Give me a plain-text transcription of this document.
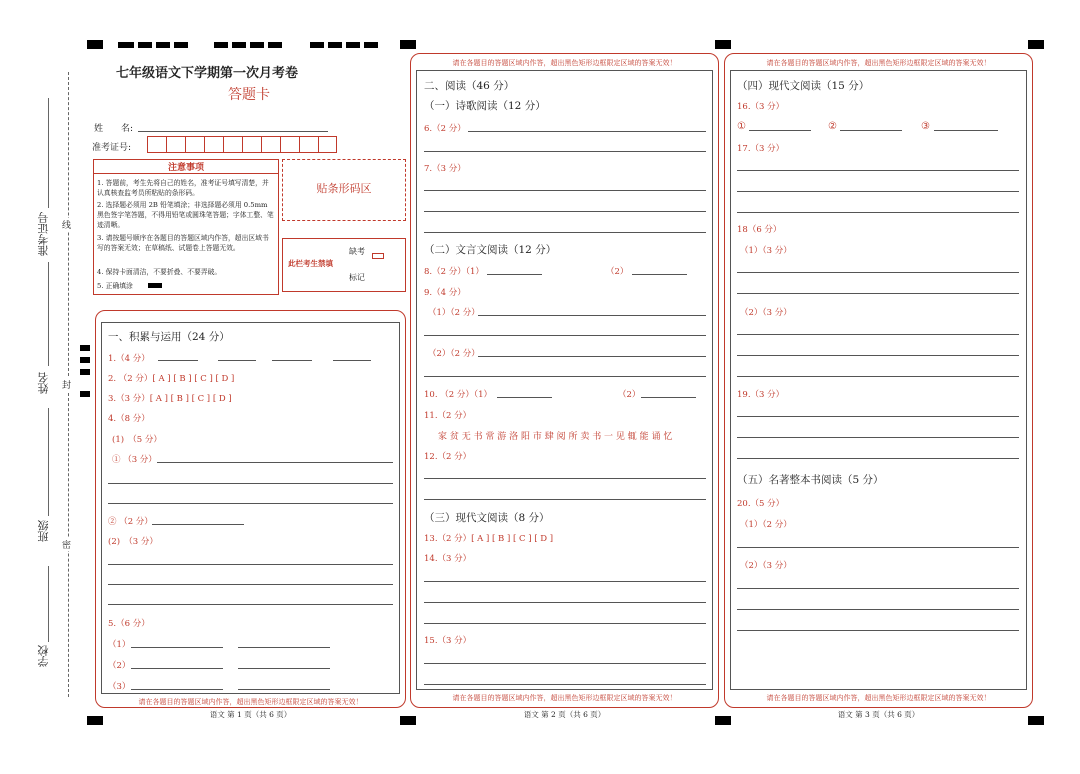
准考证号 线
姓名 封
班级
密
学校
七年级语文下学期第一次月考卷
答题卡
姓　　名:
准考证号:
注意事项
1. 答题前，考生先将自己的姓名，准考证号填写清楚，并认真核查监考员所粘贴的条形码。
2. 选择题必须用 2B 铅笔填涂；非选择题必须用 0.5mm 黑色签字笔答题，不得用铅笔或圆珠笔答题；字体工整、笔迹清晰。
3. 请按题号顺序在各题目的答题区域内作答，超出区域书写的答案无效；在草稿纸、试题卷上答题无效。
4. 保持卡面清洁，不要折叠、不要弄破。
5. 正确填涂
贴条形码区
此栏考生禁填
缺考
标记
一、积累与运用（24 分）
1.（4 分）
2. （2 分）[ A ] [ B ] [ C ] [ D ]
3.（3 分）[ A ] [ B ] [ C ] [ D ]
4.（8 分）
(1)　（5 分）
① （3 分）
② （2 分）
(2)　（3 分）
5.（6 分）
（1）
（2）
（3）
请在各题目的答题区域内作答，超出黑色矩形边框限定区域的答案无效！
语文 第 1 页（共 6 页）
请在各题目的答题区域内作答，超出黑色矩形边框限定区域的答案无效！
二、阅读（46 分）
（一）诗歌阅读（12 分）
6.（2 分）
7.（3 分）
（二）文言文阅读（12 分）
8.（2 分）（1）	（2）
9.（4 分）
（1）（2 分）
（2）（2 分）
10. （2 分）（1）	（2）
11.（2 分）
家 贫 无 书 常 游 洛 阳 市 肆 阅 所 卖 书 一 见 辄 能 诵 忆
12.（2 分）
（三）现代文阅读（8 分）
13.（2 分）[ A ] [ B ] [ C ] [ D ]
14.（3 分）
15.（3 分）
请在各题目的答题区域内作答，超出黑色矩形边框限定区域的答案无效！
语文 第 2 页（共 6 页）
请在各题目的答题区域内作答，超出黑色矩形边框限定区域的答案无效！
（四）现代文阅读（15 分）
16.（3 分）
①	②	③
17.（3 分）
18（6 分）
（1）（3 分）
（2）（3 分）
19.（3 分）
（五）名著整本书阅读（5 分）
20.（5 分）
（1）（2 分）
（2）（3 分）
请在各题目的答题区域内作答，超出黑色矩形边框限定区域的答案无效！
语文 第 3 页（共 6 页）
